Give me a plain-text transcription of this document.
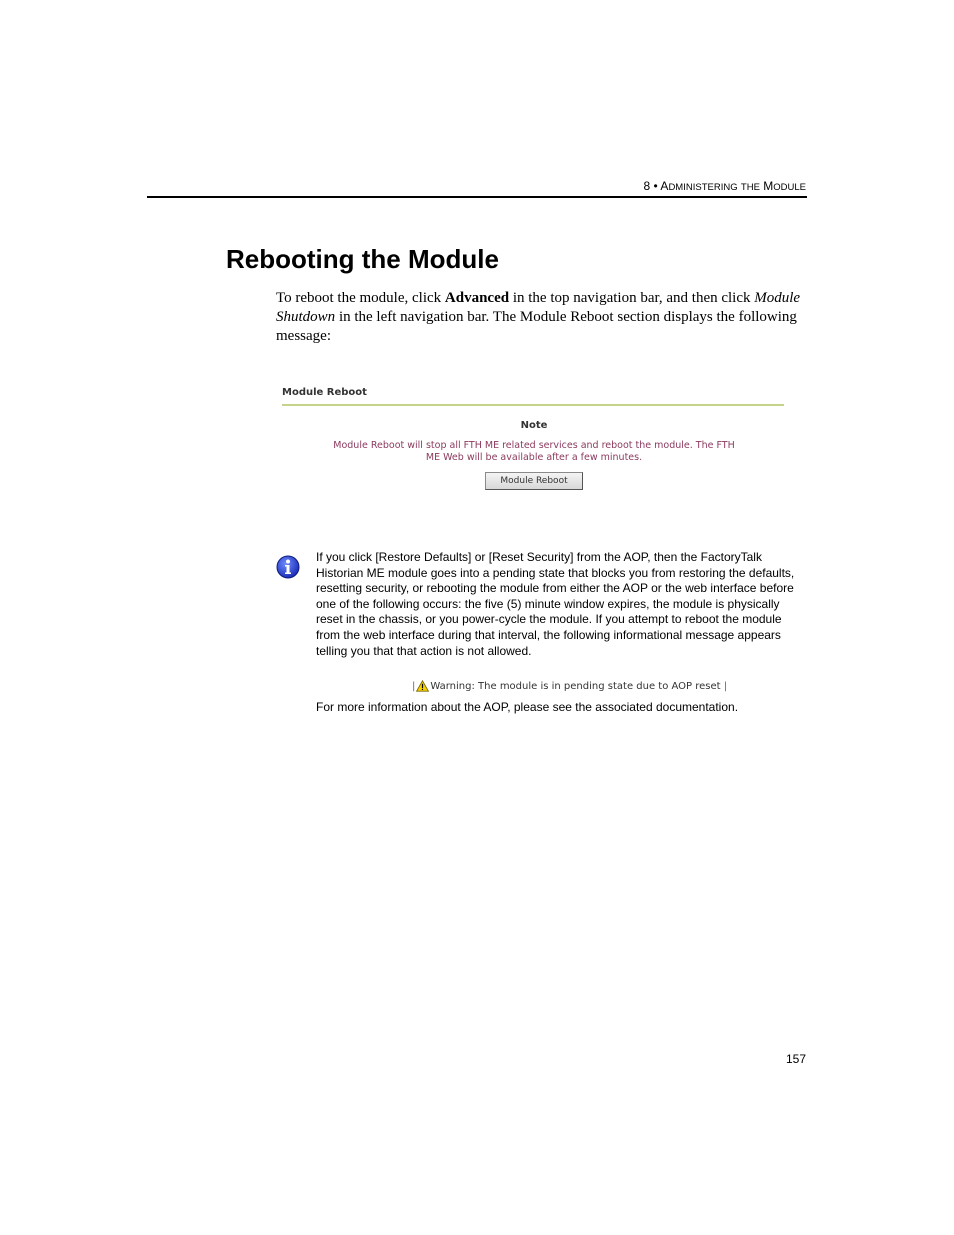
8 • ADMINISTERING THE MODULE
Rebooting the Module

To reboot the module, click Advanced in the top navigation bar, and then click Module Shutdown in the left navigation bar. The Module Reboot section displays the following message:

Module Reboot
Note
Module Reboot will stop all FTH ME related services and reboot the module. The FTH ME Web will be available after a few minutes.
Module Reboot

If you click [Restore Defaults] or [Reset Security] from the AOP, then the FactoryTalk Historian ME module goes into a pending state that blocks you from restoring the defaults, resetting security, or rebooting the module from either the AOP or the web interface before one of the following occurs: the five (5) minute window expires, the module is physically reset in the chassis, or you power-cycle the module. If you attempt to reboot the module from the web interface during that interval, the following informational message appears telling you that that action is not allowed.

| Warning: The module is in pending state due to AOP reset |

For more information about the AOP, please see the associated documentation.

157
